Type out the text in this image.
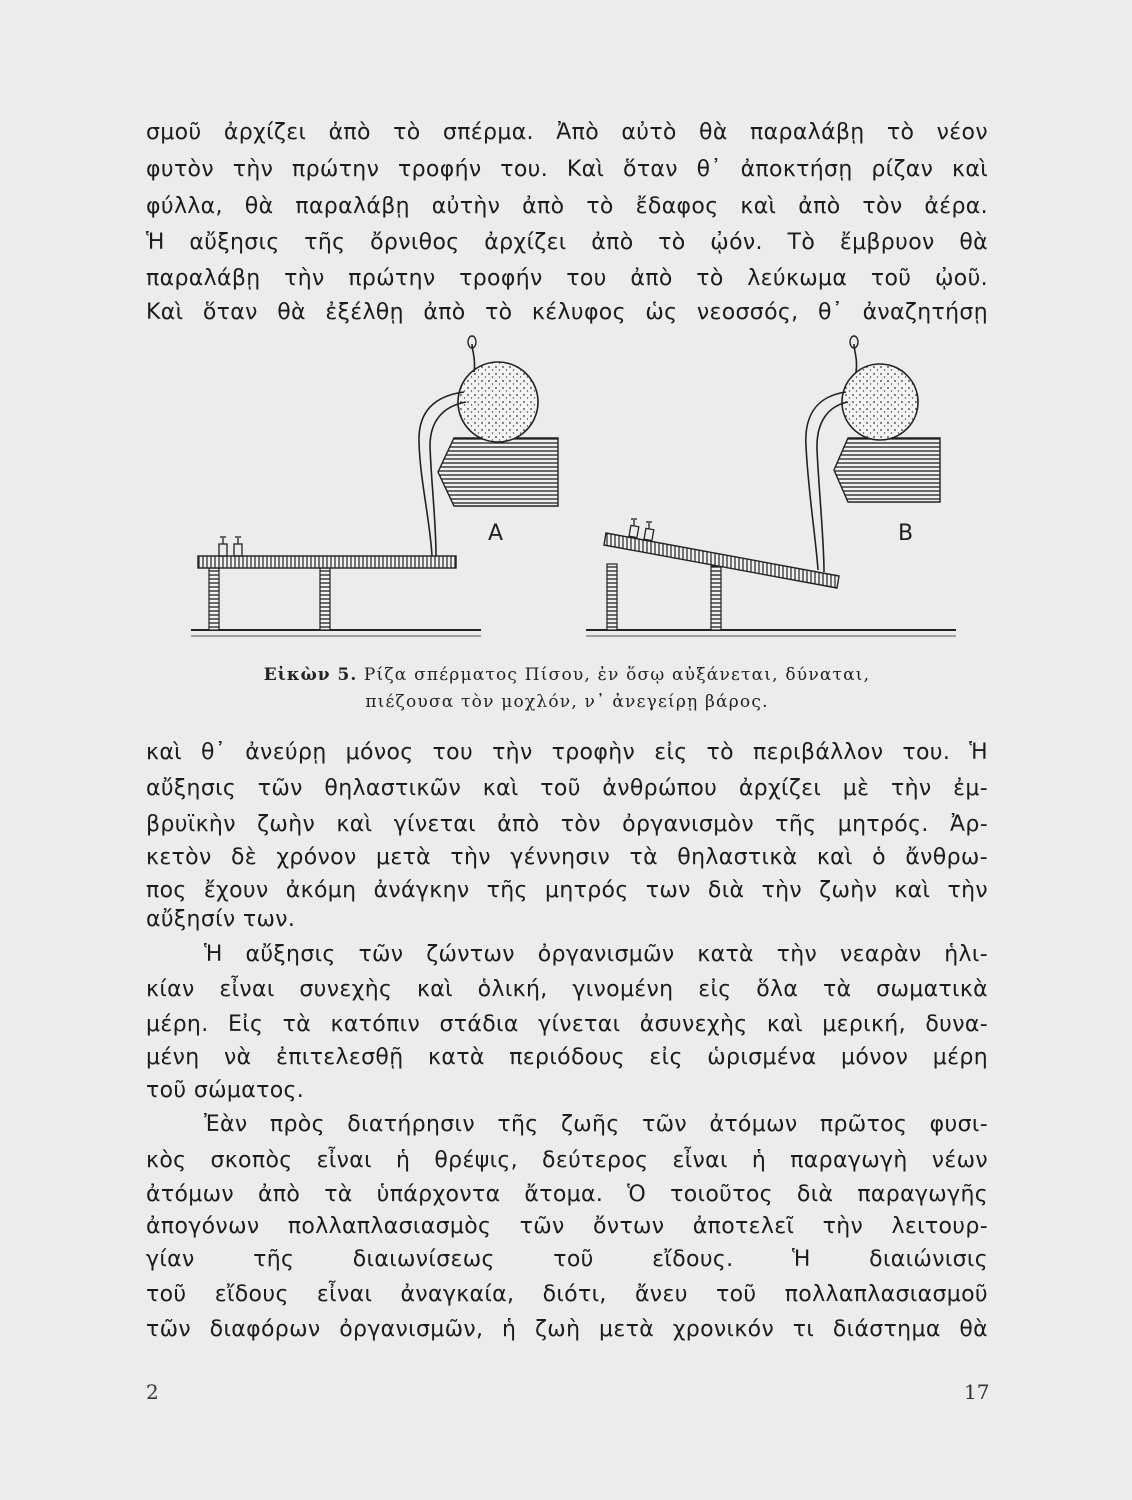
σμοῦ ἀρχίζει ἀπὸ τὸ σπέρμα. Ἀπὸ αὐτὸ θὰ παραλάβῃ τὸ νέον
φυτὸν τὴν πρώτην τροφήν του. Καὶ ὅταν θ᾽ ἀποκτήσῃ ρίζαν καὶ
φύλλα, θὰ παραλάβῃ αὐτὴν ἀπὸ τὸ ἔδαφος καὶ ἀπὸ τὸν ἀέρα.
Ἡ αὔξησις τῆς ὄρνιθος ἀρχίζει ἀπὸ τὸ ᾠόν. Τὸ ἔμβρυον θὰ
παραλάβῃ τὴν πρώτην τροφήν του ἀπὸ τὸ λεύκωμα τοῦ ᾠοῦ.
Καὶ ὅταν θὰ ἐξέλθῃ ἀπὸ τὸ κέλυφος ὡς νεοσσός, θ᾽ ἀναζητήσῃ
A	B
Εἰκὼν 5. Ρίζα σπέρματος Πίσου, ἐν ὅσῳ αὐξάνεται, δύναται,
πιέζουσα τὸν μοχλόν, ν᾽ ἀνεγείρῃ βάρος.
καὶ θ᾽ ἀνεύρῃ μόνος του τὴν τροφὴν εἰς τὸ περιβάλλον του. Ἡ
αὔξησις τῶν θηλαστικῶν καὶ τοῦ ἀνθρώπου ἀρχίζει μὲ τὴν ἐμ-
βρυϊκὴν ζωὴν καὶ γίνεται ἀπὸ τὸν ὀργανισμὸν τῆς μητρός. Ἀρ-
κετὸν δὲ χρόνον μετὰ τὴν γέννησιν τὰ θηλαστικὰ καὶ ὁ ἄνθρω-
πος ἔχουν ἀκόμη ἀνάγκην τῆς μητρός των διὰ τὴν ζωὴν καὶ τὴν
αὔξησίν των.
Ἡ αὔξησις τῶν ζώντων ὀργανισμῶν κατὰ τὴν νεαρὰν ἡλι-
κίαν εἶναι συνεχὴς καὶ ὁλική, γινομένη εἰς ὅλα τὰ σωματικὰ
μέρη. Εἰς τὰ κατόπιν στάδια γίνεται ἀσυνεχὴς καὶ μερική, δυνα-
μένη νὰ ἐπιτελεσθῇ κατὰ περιόδους εἰς ὡρισμένα μόνον μέρη
τοῦ σώματος.
Ἐὰν πρὸς διατήρησιν τῆς ζωῆς τῶν ἀτόμων πρῶτος φυσι-
κὸς σκοπὸς εἶναι ἡ θρέψις, δεύτερος εἶναι ἡ παραγωγὴ νέων
ἀτόμων ἀπὸ τὰ ὑπάρχοντα ἄτομα. Ὁ τοιοῦτος διὰ παραγωγῆς
ἀπογόνων πολλαπλασιασμὸς τῶν ὄντων ἀποτελεῖ τὴν λειτουρ-
γίαν τῆς διαιωνίσεως τοῦ εἴδους. Ἡ διαιώνισις
τοῦ εἴδους εἶναι ἀναγκαία, διότι, ἄνευ τοῦ πολλαπλασιασμοῦ
τῶν διαφόρων ὀργανισμῶν, ἡ ζωὴ μετὰ χρονικόν τι διάστημα θὰ
2	17
